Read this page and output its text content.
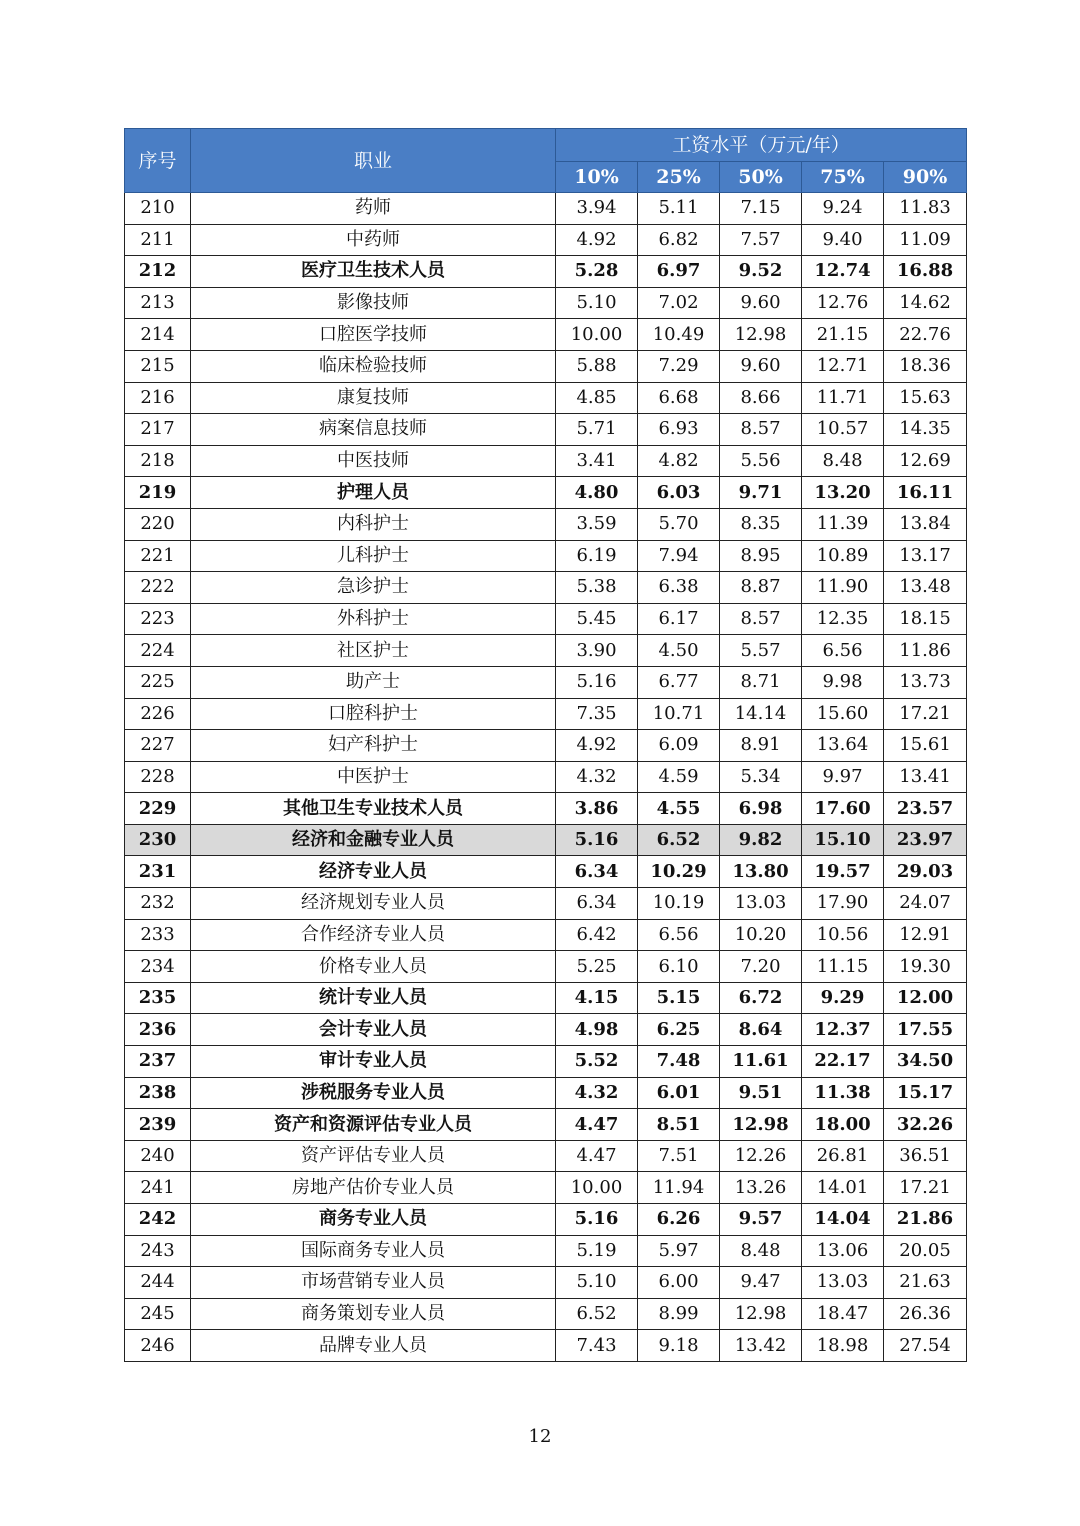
序号	职业	工资水平（万元/年）				
		10%	25%	50%	75%	90%
210	药师	3.94	5.11	7.15	9.24	11.83
211	中药师	4.92	6.82	7.57	9.40	11.09
212	医疗卫生技术人员	5.28	6.97	9.52	12.74	16.88
213	影像技师	5.10	7.02	9.60	12.76	14.62
214	口腔医学技师	10.00	10.49	12.98	21.15	22.76
215	临床检验技师	5.88	7.29	9.60	12.71	18.36
216	康复技师	4.85	6.68	8.66	11.71	15.63
217	病案信息技师	5.71	6.93	8.57	10.57	14.35
218	中医技师	3.41	4.82	5.56	8.48	12.69
219	护理人员	4.80	6.03	9.71	13.20	16.11
220	内科护士	3.59	5.70	8.35	11.39	13.84
221	儿科护士	6.19	7.94	8.95	10.89	13.17
222	急诊护士	5.38	6.38	8.87	11.90	13.48
223	外科护士	5.45	6.17	8.57	12.35	18.15
224	社区护士	3.90	4.50	5.57	6.56	11.86
225	助产士	5.16	6.77	8.71	9.98	13.73
226	口腔科护士	7.35	10.71	14.14	15.60	17.21
227	妇产科护士	4.92	6.09	8.91	13.64	15.61
228	中医护士	4.32	4.59	5.34	9.97	13.41
229	其他卫生专业技术人员	3.86	4.55	6.98	17.60	23.57
230	经济和金融专业人员	5.16	6.52	9.82	15.10	23.97
231	经济专业人员	6.34	10.29	13.80	19.57	29.03
232	经济规划专业人员	6.34	10.19	13.03	17.90	24.07
233	合作经济专业人员	6.42	6.56	10.20	10.56	12.91
234	价格专业人员	5.25	6.10	7.20	11.15	19.30
235	统计专业人员	4.15	5.15	6.72	9.29	12.00
236	会计专业人员	4.98	6.25	8.64	12.37	17.55
237	审计专业人员	5.52	7.48	11.61	22.17	34.50
238	涉税服务专业人员	4.32	6.01	9.51	11.38	15.17
239	资产和资源评估专业人员	4.47	8.51	12.98	18.00	32.26
240	资产评估专业人员	4.47	7.51	12.26	26.81	36.51
241	房地产估价专业人员	10.00	11.94	13.26	14.01	17.21
242	商务专业人员	5.16	6.26	9.57	14.04	21.86
243	国际商务专业人员	5.19	5.97	8.48	13.06	20.05
244	市场营销专业人员	5.10	6.00	9.47	13.03	21.63
245	商务策划专业人员	6.52	8.99	12.98	18.47	26.36
246	品牌专业人员	7.43	9.18	13.42	18.98	27.54
12
